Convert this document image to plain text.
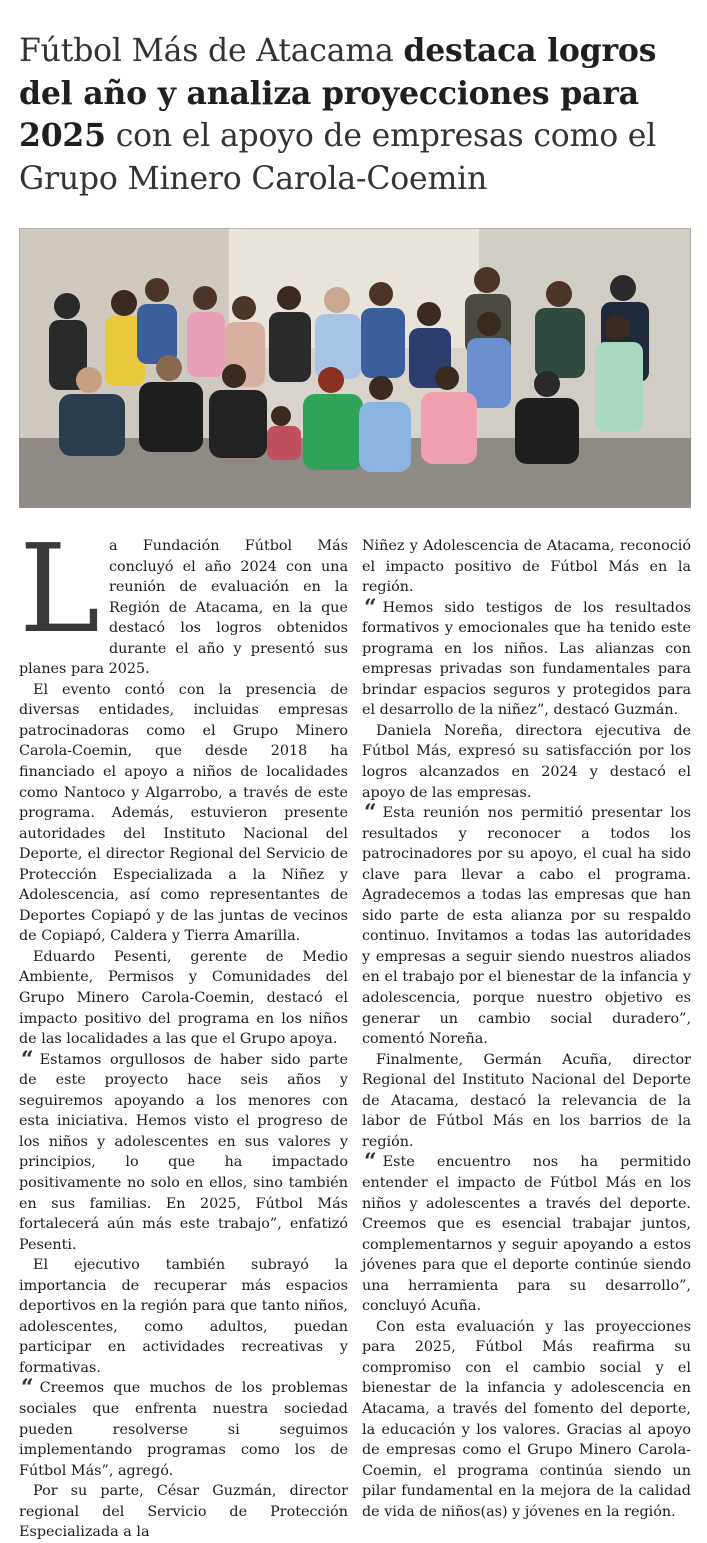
Fútbol Más de Atacama destaca logros del año y analiza proyecciones para 2025 con el apoyo de empresas como el Grupo Minero Carola-Coemin
L a Fundación Fútbol Más concluyó el año 2024 con una reunión de evaluación en la Región de Atacama, en la que destacó los logros obtenidos durante el año y presentó sus planes para 2025.

El evento contó con la presencia de diversas entidades, incluidas empresas patrocinadoras como el Grupo Minero Carola-Coemin, que desde 2018 ha financiado el apoyo a niños de localidades como Nantoco y Algarrobo, a través de este programa. Además, estuvieron presente autoridades del Instituto Nacional del Deporte, el director Regional del Servicio de Protección Especializada a la Niñez y Adolescencia, así como representantes de Deportes Copiapó y de las juntas de vecinos de Copiapó, Caldera y Tierra Amarilla.

Eduardo Pesenti, gerente de Medio Ambiente, Permisos y Comunidades del Grupo Minero Carola-Coemin, destacó el impacto positivo del programa en los niños de las localidades a las que el Grupo apoya.

“ Estamos orgullosos de haber sido parte de este proyecto hace seis años y seguiremos apoyando a los menores con esta iniciativa. Hemos visto el progreso de los niños y adolescentes en sus valores y principios, lo que ha impactado positivamente no solo en ellos, sino también en sus familias. En 2025, Fútbol Más fortalecerá aún más este trabajo”, enfatizó Pesenti.

El ejecutivo también subrayó la importancia de recuperar más espacios deportivos en la región para que tanto niños, adolescentes, como adultos, puedan participar en actividades recreativas y formativas.

“ Creemos que muchos de los problemas sociales que enfrenta nuestra sociedad pueden resolverse si seguimos implementando programas como los de Fútbol Más”, agregó.

Por su parte, César Guzmán, director regional del Servicio de Protección Especializada a la

Niñez y Adolescencia de Atacama, reconoció el impacto positivo de Fútbol Más en la región.

“ Hemos sido testigos de los resultados formativos y emocionales que ha tenido este programa en los niños. Las alianzas con empresas privadas son fundamentales para brindar espacios seguros y protegidos para el desarrollo de la niñez”, destacó Guzmán.

Daniela Noreña, directora ejecutiva de Fútbol Más, expresó su satisfacción por los logros alcanzados en 2024 y destacó el apoyo de las empresas.

“ Esta reunión nos permitió presentar los resultados y reconocer a todos los patrocinadores por su apoyo, el cual ha sido clave para llevar a cabo el programa. Agradecemos a todas las empresas que han sido parte de esta alianza por su respaldo continuo. Invitamos a todas las autoridades y empresas a seguir siendo nuestros aliados en el trabajo por el bienestar de la infancia y adolescencia, porque nuestro objetivo es generar un cambio social duradero”, comentó Noreña.

Finalmente, Germán Acuña, director Regional del Instituto Nacional del Deporte de Atacama, destacó la relevancia de la labor de Fútbol Más en los barrios de la región.

“ Este encuentro nos ha permitido entender el impacto de Fútbol Más en los niños y adolescentes a través del deporte. Creemos que es esencial trabajar juntos, complementarnos y seguir apoyando a estos jóvenes para que el deporte continúe siendo una herramienta para su desarrollo”, concluyó Acuña.

Con esta evaluación y las proyecciones para 2025, Fútbol Más reafirma su compromiso con el cambio social y el bienestar de la infancia y adolescencia en Atacama, a través del fomento del deporte, la educación y los valores. Gracias al apoyo de empresas como el Grupo Minero Carola-Coemin, el programa continúa siendo un pilar fundamental en la mejora de la calidad de vida de niños(as) y jóvenes en la región.
